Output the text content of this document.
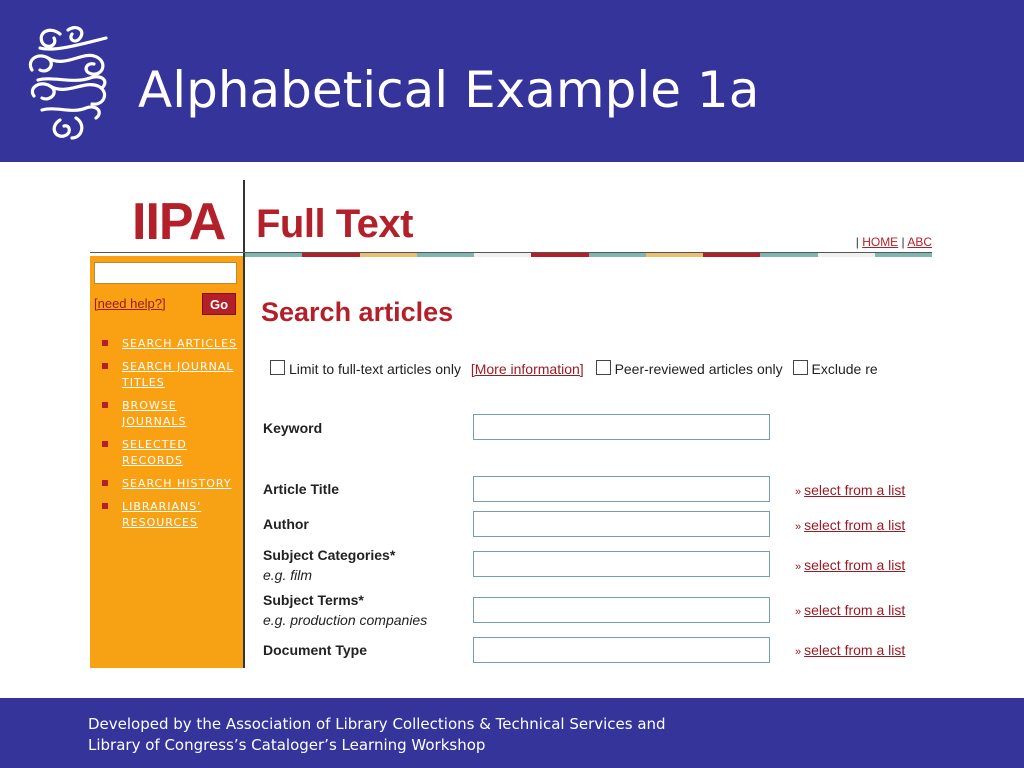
Alphabetical Example 1a
IIPA Full Text	| HOME | ABC
[need help?]	Go
SEARCH ARTICLES
SEARCH JOURNAL
TITLES
BROWSE
JOURNALS
SELECTED
RECORDS
SEARCH HISTORY
LIBRARIANS'
RESOURCES
Search articles
Limit to full-text articles only [More information] Peer-reviewed articles only Exclude re
Keyword
Article Title	» select from a list
Author	» select from a list
Subject Categories*
e.g. film	» select from a list
Subject Terms*
e.g. production companies	» select from a list
Document Type	» select from a list
Developed by the Association of Library Collections & Technical Services and
Library of Congress’s Cataloger’s Learning Workshop
